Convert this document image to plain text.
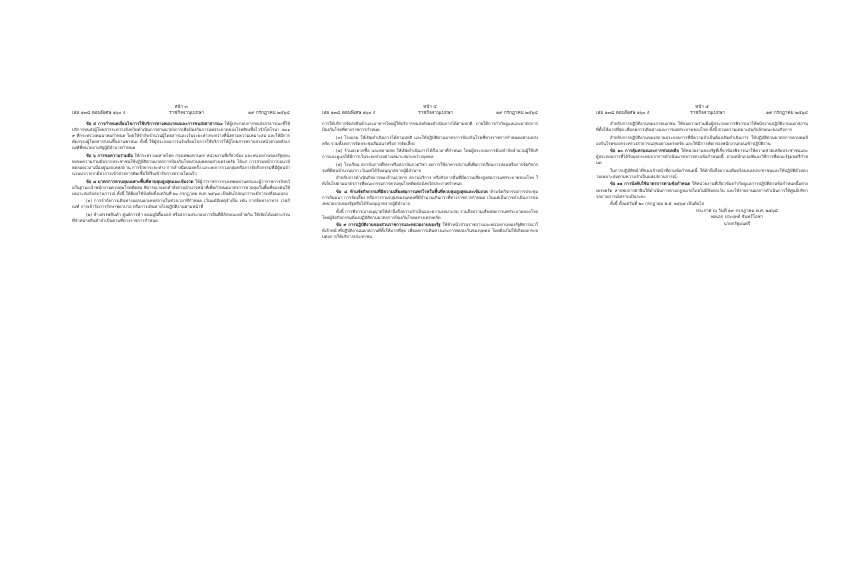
หน้า ๓
เล่ม ๑๓๘ ตอนพิเศษ ๑๖๐ ง	ราชกิจจานุเบกษา	๑๙ กรกฎาคม ๒๕๖๔

ข้อ ๕ การกำหนดเงื่อนไขการใช้บริการทางคมนาคมและการขนส่งสาธารณะ ให้ผู้ประกอบการขนส่งสาธารณะที่ให้บริการขนส่งผู้โดยสารระหว่างจังหวัดดำเนินการตามมาตรการเพื่อป้องกันการแพร่ระบาดของโรคติดเชื้อไวรัสโคโรนา ๒๐๑๙ ที่กระทรวงคมนาคมกำหนด โดยให้จำกัดจำนวนผู้โดยสารและเว้นระยะห่างระหว่างที่นั่งตามความเหมาะสม และให้มีการคัดกรองผู้โดยสารก่อนขึ้นยานพาหนะ ทั้งนี้ ให้ผู้ประกอบการแจ้งเงื่อนไขการใช้บริการให้ผู้โดยสารทราบล่วงหน้าตามหลักเกณฑ์ที่หน่วยงานรัฐผู้มีอำนาจกำหนด

ข้อ ๖ การขอความร่วมมือ ให้กระทรวงมหาดไทย กรุงเทพมหานคร หน่วยงานที่เกี่ยวข้อง และหน่วยงานของรัฐทุกแห่งขอความร่วมมือจากประชาชนให้ปฏิบัติตามมาตรการป้องกันโรคส่วนบุคคลอย่างเคร่งครัด ได้แก่ การสวมหน้ากากอนามัยตลอดเวลาเมื่ออยู่นอกเคหสถาน การรักษาระยะห่าง การล้างมือบ่อยครั้ง และงดการรวมกลุ่มหรือการจัดกิจกรรมที่มีผู้คนจำนวนมาก หากมีอาการเข้าข่ายการติดเชื้อให้รีบเข้ารับการตรวจโดยเร็ว

ข้อ ๗ มาตรการควบคุมเฉพาะพื้นที่ควบคุมสูงสุดและเข้มงวด ให้ผู้ว่าราชการกรุงเทพมหานครและผู้ว่าราชการจังหวัดในฐานะเจ้าพนักงานควบคุมโรคติดต่อ พิจารณาออกคำสั่งตามอำนาจหน้าที่เพื่อกำหนดมาตรการควบคุมในพื้นที่ของตนให้เหมาะสมกับสถานการณ์ ทั้งนี้ ให้มีผลใช้บังคับตั้งแต่วันที่ ๒๐ กรกฎาคม พ.ศ. ๒๕๖๔ เป็นต้นไปจนกว่าจะมีการเปลี่ยนแปลง

(๑) การจำกัดการเดินทางออกนอกเคหสถานในช่วงเวลาที่กำหนด เว้นแต่มีเหตุจำเป็น เช่น การจัดหาอาหาร เวชภัณฑ์ การเข้ารับการรักษาพยาบาล หรือการเดินทางไปปฏิบัติงานตามหน้าที่

(๒) ห้างสรรพสินค้า ศูนย์การค้า คอมมูนิตี้มอลล์ หรือสถานประกอบการอื่นที่มีลักษณะคล้ายกัน ให้เปิดได้เฉพาะส่วนที่จำหน่ายสินค้าจำเป็นตามที่ทางราชการกำหนด

หน้า ๔
เล่ม ๑๓๘ ตอนพิเศษ ๑๖๐ ง	ราชกิจจานุเบกษา	๑๙ กรกฎาคม ๒๕๖๔

การให้บริการจัดส่งสินค้าและอาหารโดยผู้ให้บริการขนส่งยังคงดำเนินการได้ตามปกติ ภายใต้การกำกับดูแลและมาตรการป้องกันโรคที่ทางราชการกำหนด

(๓) โรงแรม ให้เปิดดำเนินการได้ตามปกติ และให้ปฏิบัติตามมาตรการป้องกันโรคที่ทางราชการกำหนดอย่างเคร่งครัด รวมทั้งงดการจัดประชุมสัมมนาหรือการจัดเลี้ยง

(๔) ร้านสะดวกซื้อ และตลาดสด ให้เปิดดำเนินการได้ถึงเวลาที่กำหนด โดยผู้ประกอบการต้องจำกัดจำนวนผู้ใช้บริการและดูแลให้มีการเว้นระยะห่างอย่างเหมาะสมระหว่างบุคคล

(๕) โรงเรียน สถาบันการศึกษาหรือสถาบันกวดวิชา งดการใช้อาคารสถานที่เพื่อการเรียนการสอนหรือการจัดกิจกรรมที่มีคนจำนวนมาก เว้นแต่ได้รับอนุญาตจากผู้มีอำนาจ

สำหรับการดำเนินกิจการของร้านอาหาร สถานบริการ หรือกิจการอื่นที่มีความเสี่ยงสูงต่อการแพร่ระบาดของโรค ให้เป็นไปตามมาตรการที่คณะกรรมการควบคุมโรคติดต่อจังหวัดประกาศกำหนด

ข้อ ๘ ห้ามจัดกิจกรรมที่มีความเสี่ยงต่อการแพร่โรคในพื้นที่ควบคุมสูงสุดและเข้มงวด ห้ามจัดกิจกรรมการประชุม การสัมมนา การจัดเลี้ยง หรือการรวมกลุ่มของบุคคลที่มีจำนวนเกินกว่าที่ทางราชการกำหนด เว้นแต่เป็นการดำเนินการของหน่วยงานของรัฐหรือได้รับอนุญาตจากผู้มีอำนาจ

ทั้งนี้ การพิจารณาอนุญาตให้คำนึงถึงความจำเป็นและความเหมาะสม รวมถึงความเสี่ยงต่อการแพร่ระบาดของโรค โดยผู้จัดกิจกรรมต้องปฏิบัติตามมาตรการป้องกันโรคอย่างเคร่งครัด

ข้อ ๙ การปฏิบัติงานของส่วนราชการและหน่วยงานของรัฐ ให้หัวหน้าส่วนราชการและหน่วยงานของรัฐพิจารณาให้เจ้าหน้าที่ปฏิบัติงานนอกสถานที่ตั้งให้มากที่สุด เพื่อลดการเดินทางและการพบปะกันของบุคคล โดยต้องไม่ให้เกิดผลกระทบต่อการให้บริการประชาชน

หน้า ๕
เล่ม ๑๓๘ ตอนพิเศษ ๑๖๐ ง	ราชกิจจานุเบกษา	๑๙ กรกฎาคม ๒๕๖๔

สำหรับการปฏิบัติงานของภาคเอกชน ให้ขอความร่วมมือผู้ประกอบการพิจารณาให้พนักงานปฏิบัติงานนอกสถานที่ตั้งให้มากที่สุด เพื่อลดการเดินทางและการแพร่ระบาดของโรค ทั้งนี้ ตามความเหมาะสมกับลักษณะของกิจการ

สำหรับการปฏิบัติงานของสถานประกอบการที่มีความจำเป็นต้องเปิดดำเนินการ ให้ปฏิบัติตามมาตรการควบคุมป้องกันโรคของกระทรวงสาธารณสุขอย่างเคร่งครัด และให้มีการคัดกรองพนักงานก่อนเข้าปฏิบัติงาน

ข้อ ๑๐ การคุ้มครองและการช่วยเหลือ ให้หน่วยงานของรัฐที่เกี่ยวข้องพิจารณาให้ความช่วยเหลือประชาชนและผู้ประกอบการที่ได้รับผลกระทบจากการดำเนินมาตรการตามข้อกำหนดนี้ ตามหลักเกณฑ์และวิธีการที่คณะรัฐมนตรีกำหนด

ในการปฏิบัติหน้าที่ของเจ้าหน้าที่ตามข้อกำหนดนี้ ให้คำนึงถึงความเดือดร้อนของประชาชนและให้ปฏิบัติด้วยความเหมาะสมตามความจำเป็นแห่งสถานการณ์

ข้อ ๑๑ การบังคับใช้มาตรการตามข้อกำหนด ให้หน่วยงานที่เกี่ยวข้องกำกับดูแลการปฏิบัติตามข้อกำหนดนี้อย่างเคร่งครัด หากพบการฝ่าฝืนให้ดำเนินการตามกฎหมายโดยไม่มีข้อยกเว้น และให้รายงานผลการดำเนินการให้ศูนย์บริหารสถานการณ์ทราบเป็นระยะ

ทั้งนี้ ตั้งแต่วันที่ ๒๐ กรกฎาคม พ.ศ. ๒๕๖๔ เป็นต้นไป

ประกาศ ณ วันที่ ๑๙ กรกฎาคม พ.ศ. ๒๕๖๔
พลเอก ประยุทธ์ จันทร์โอชา
นายกรัฐมนตรี
